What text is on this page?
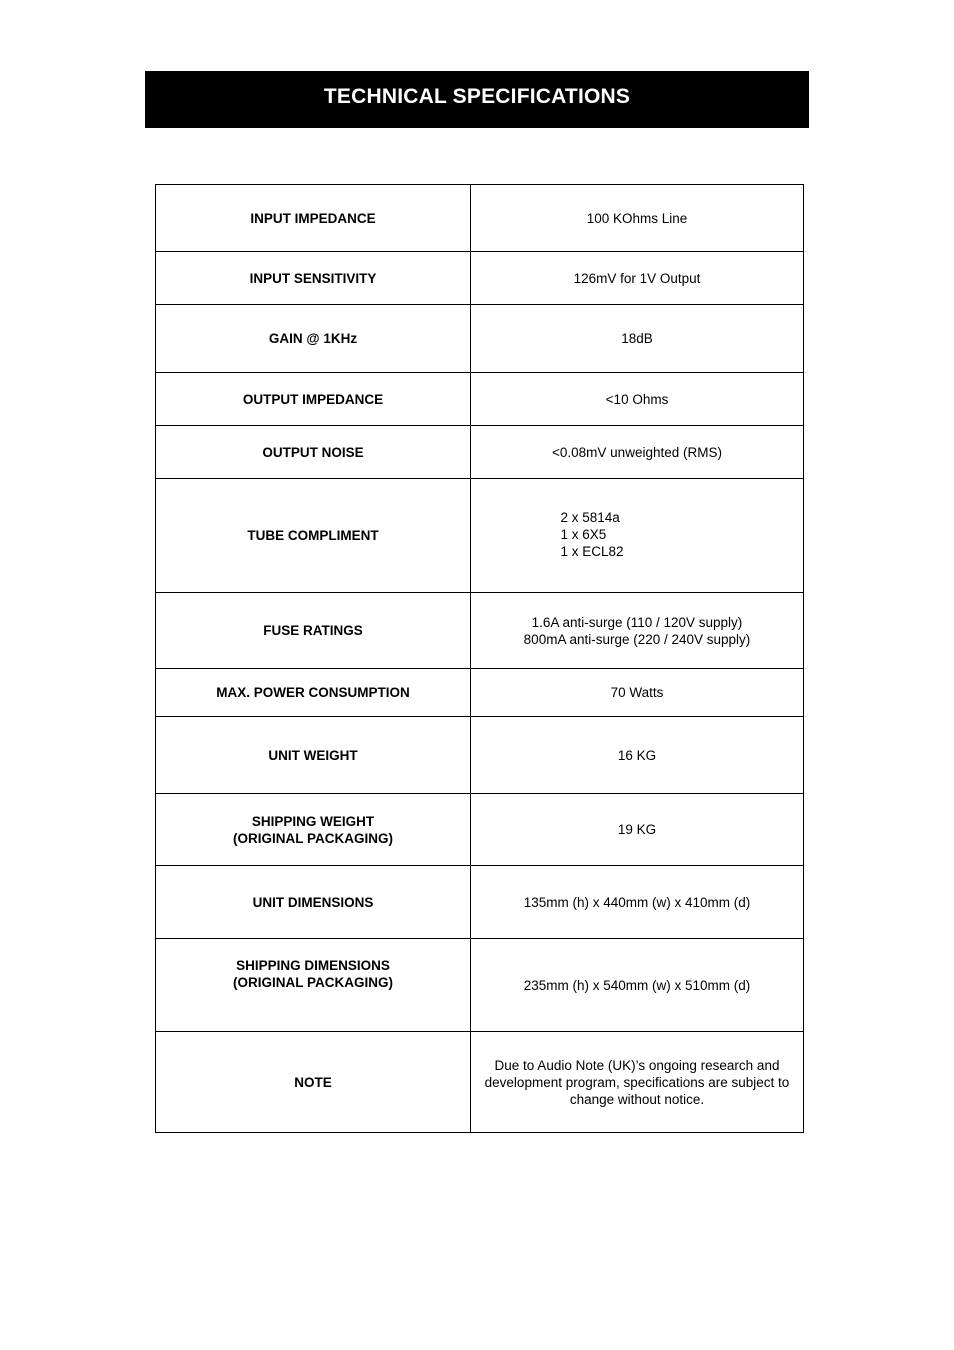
TECHNICAL SPECIFICATIONS
INPUT IMPEDANCE	100 KOhms Line
INPUT SENSITIVITY	126mV for 1V Output
GAIN @ 1KHz	18dB
OUTPUT IMPEDANCE	<10 Ohms
OUTPUT NOISE	<0.08mV unweighted (RMS)
TUBE COMPLIMENT	2 x 5814a
1 x 6X5
1 x ECL82
FUSE RATINGS	1.6A anti-surge (110 / 120V supply)
800mA anti-surge (220 / 240V supply)
MAX. POWER CONSUMPTION	70 Watts
UNIT WEIGHT	16 KG
SHIPPING WEIGHT
(ORIGINAL PACKAGING)	19 KG
UNIT DIMENSIONS	135mm (h) x 440mm (w) x 410mm (d)
SHIPPING DIMENSIONS
(ORIGINAL PACKAGING)	235mm (h) x 540mm (w) x 510mm (d)
NOTE	Due to Audio Note (UK)’s ongoing research and development program, specifications are subject to change without notice.
